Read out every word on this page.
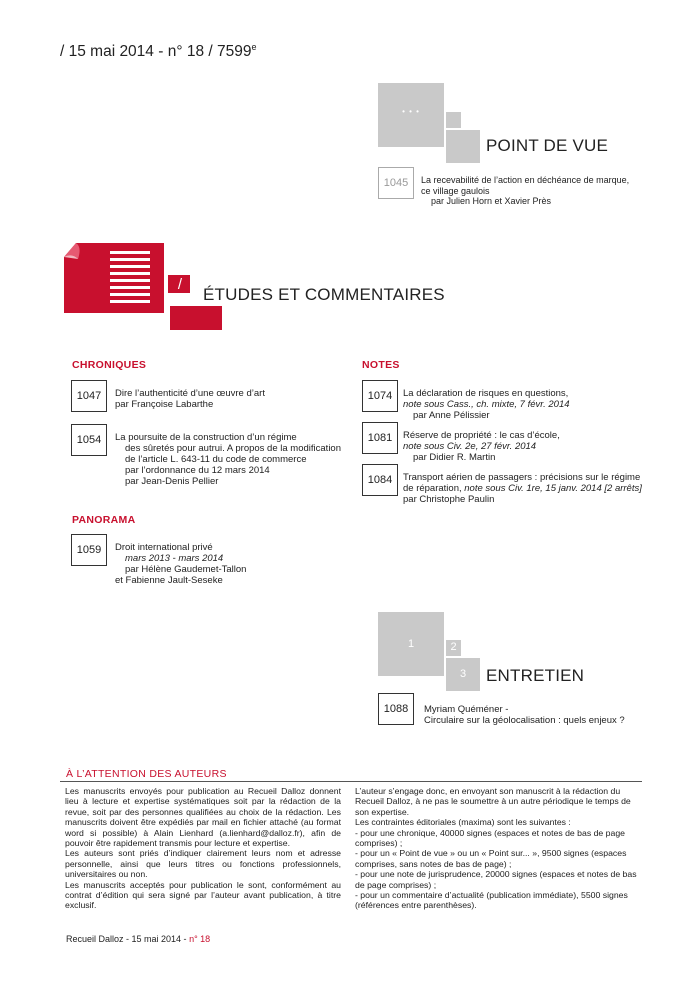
/ 15 mai 2014 - n° 18 / 7599e
• • •
POINT DE VUE
1045	La recevabilité de l’action en déchéance de marque,
ce village gaulois
par Julien Horn et Xavier Près
/
ÉTUDES ET COMMENTAIRES
CHRONIQUES
1047	Dire l’authenticité d’une œuvre d’art
par Françoise Labarthe
1054	La poursuite de la construction d’un régime
des sûretés pour autrui. A propos de la modification
de l’article L. 643-11 du code de commerce
par l’ordonnance du 12 mars 2014
par Jean-Denis Pellier
PANORAMA
1059	Droit international privé
mars 2013 - mars 2014
par Hélène Gaudemet-Tallon
et Fabienne Jault-Seseke
NOTES
1074	La déclaration de risques en questions,
note sous Cass., ch. mixte, 7 févr. 2014
par Anne Pélissier
1081	Réserve de propriété : le cas d’école,
note sous Civ. 2e, 27 févr. 2014
par Didier R. Martin
1084	Transport aérien de passagers : précisions sur le régime
de réparation, note sous Civ. 1re, 15 janv. 2014 [2 arrêts]
par Christophe Paulin
1	2
3	ENTRETIEN
1088	Myriam Quéméner -
Circulaire sur la géolocalisation : quels enjeux ?
À L’ATTENTION DES AUTEURS

Les manuscrits envoyés pour publication au Recueil Dalloz donnent lieu à lecture et expertise systématiques soit par la rédaction de la revue, soit par des personnes qualifiées au choix de la rédaction. Les manuscrits doivent être expédiés par mail en fichier attaché (au format word si possible) à Alain Lienhard (a.lienhard@dalloz.fr), afin de pouvoir être rapidement transmis pour lecture et expertise.

Les auteurs sont priés d’indiquer clairement leurs nom et adresse personnelle, ainsi que leurs titres ou fonctions professionnels, universitaires ou non.

Les manuscrits acceptés pour publication le sont, conformément au contrat d’édition qui sera signé par l’auteur avant publication, à titre exclusif.

L’auteur s’engage donc, en envoyant son manuscrit à la rédaction du Recueil Dalloz, à ne pas le soumettre à un autre périodique le temps de son expertise.

Les contraintes éditoriales (maxima) sont les suivantes :

- pour une chronique, 40000 signes (espaces et notes de bas de page comprises) ;

- pour un « Point de vue » ou un « Point sur... », 9500 signes (espaces comprises, sans notes de bas de page) ;

- pour une note de jurisprudence, 20000 signes (espaces et notes de bas de page comprises) ;

- pour un commentaire d’actualité (publication immédiate), 5500 signes (références entre parenthèses).

Recueil Dalloz - 15 mai 2014 - n° 18
